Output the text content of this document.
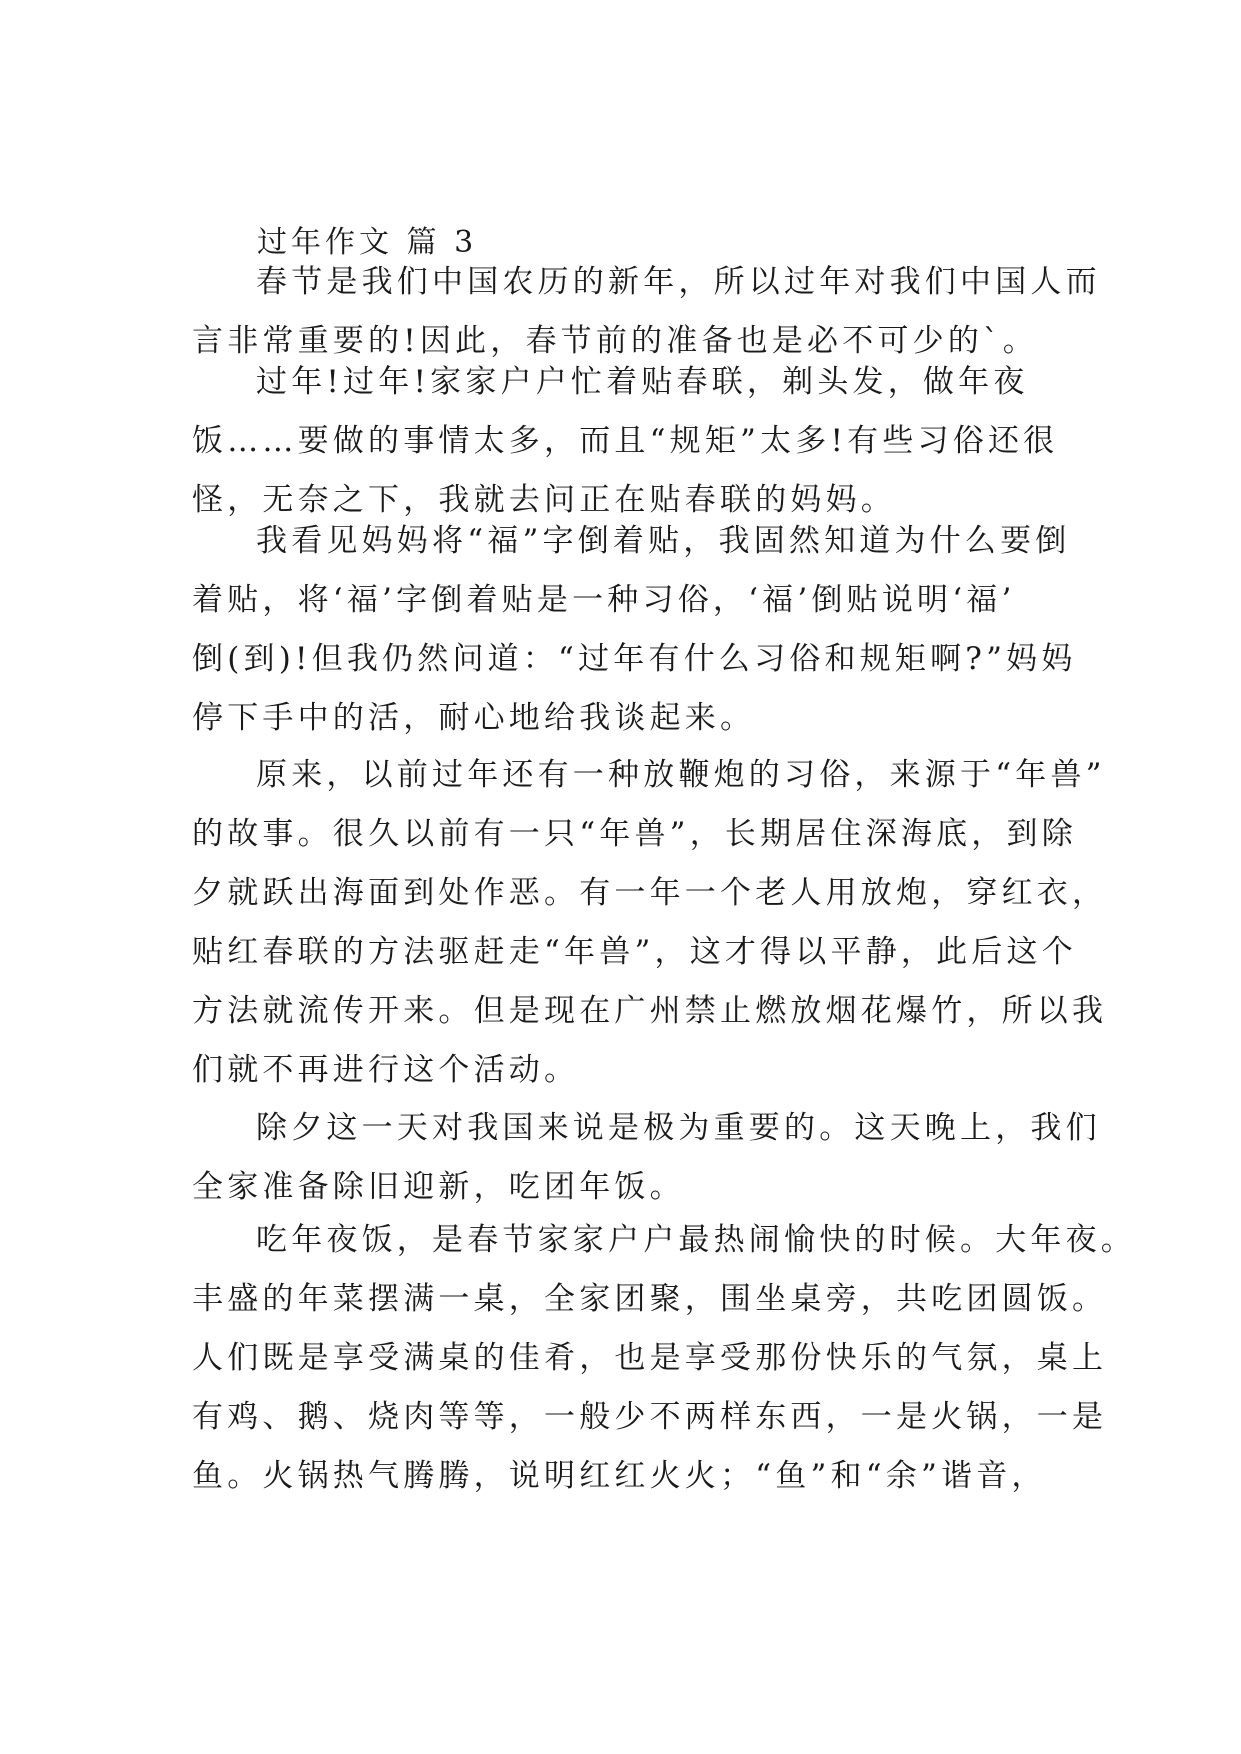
过年作文 篇 3
春节是我们中国农历的新年，所以过年对我们中国人而
言非常重要的!因此，春节前的准备也是必不可少的`。
过年!过年!家家户户忙着贴春联，剃头发，做年夜
饭……要做的事情太多，而且“规矩”太多!有些习俗还很
怪，无奈之下，我就去问正在贴春联的妈妈。
我看见妈妈将“福”字倒着贴，我固然知道为什么要倒
着贴，将‘福’字倒着贴是一种习俗，‘福’倒贴说明‘福’
倒(到)!但我仍然问道：“过年有什么习俗和规矩啊?”妈妈
停下手中的活，耐心地给我谈起来。
原来，以前过年还有一种放鞭炮的习俗，来源于“年兽”
的故事。很久以前有一只“年兽”，长期居住深海底，到除
夕就跃出海面到处作恶。有一年一个老人用放炮，穿红衣，
贴红春联的方法驱赶走“年兽”，这才得以平静，此后这个
方法就流传开来。但是现在广州禁止燃放烟花爆竹，所以我
们就不再进行这个活动。
除夕这一天对我国来说是极为重要的。这天晚上，我们
全家准备除旧迎新，吃团年饭。
吃年夜饭，是春节家家户户最热闹愉快的时候。大年夜。
丰盛的年菜摆满一桌，全家团聚，围坐桌旁，共吃团圆饭。
人们既是享受满桌的佳肴，也是享受那份快乐的气氛，桌上
有鸡、鹅、烧肉等等，一般少不两样东西，一是火锅，一是
鱼。火锅热气腾腾，说明红红火火；“鱼”和“余”谐音，
